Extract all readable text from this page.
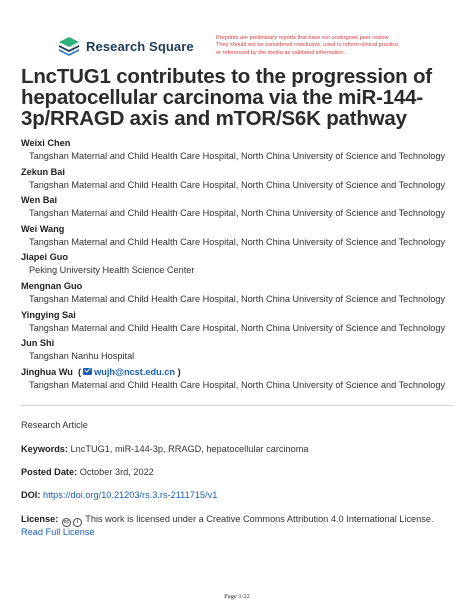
Research Square
Preprints are preliminary reports that have not undergone peer review.
They should not be considered conclusive, used to inform clinical practice,
or referenced by the media as validated information.
LncTUG1 contributes to the progression of
hepatocellular carcinoma via the miR-144-
3p/RRAGD axis and mTOR/S6K pathway
Weixi Chen
Tangshan Maternal and Child Health Care Hospital, North China University of Science and Technology
Zekun Bai
Tangshan Maternal and Child Health Care Hospital, North China University of Science and Technology
Wen Bai
Tangshan Maternal and Child Health Care Hospital, North China University of Science and Technology
Wei Wang
Tangshan Maternal and Child Health Care Hospital, North China University of Science and Technology
Jiapei Guo
Peking University Health Science Center
Mengnan Guo
Tangshan Maternal and Child Health Care Hospital, North China University of Science and Technology
Yingying Sai
Tangshan Maternal and Child Health Care Hospital, North China University of Science and Technology
Jun Shi
Tangshan Nanhu Hospital
Jinghua Wu  ( wujh@ncst.edu.cn )
Tangshan Maternal and Child Health Care Hospital, North China University of Science and Technology
Research Article
Keywords: LncTUG1, miR-144-3p, RRAGD, hepatocellular carcinoma
Posted Date: October 3rd, 2022
DOI: https://doi.org/10.21203/rs.3.rs-2111715/v1
License: cc i This work is licensed under a Creative Commons Attribution 4.0 International License.
Read Full License
Page 1/22
